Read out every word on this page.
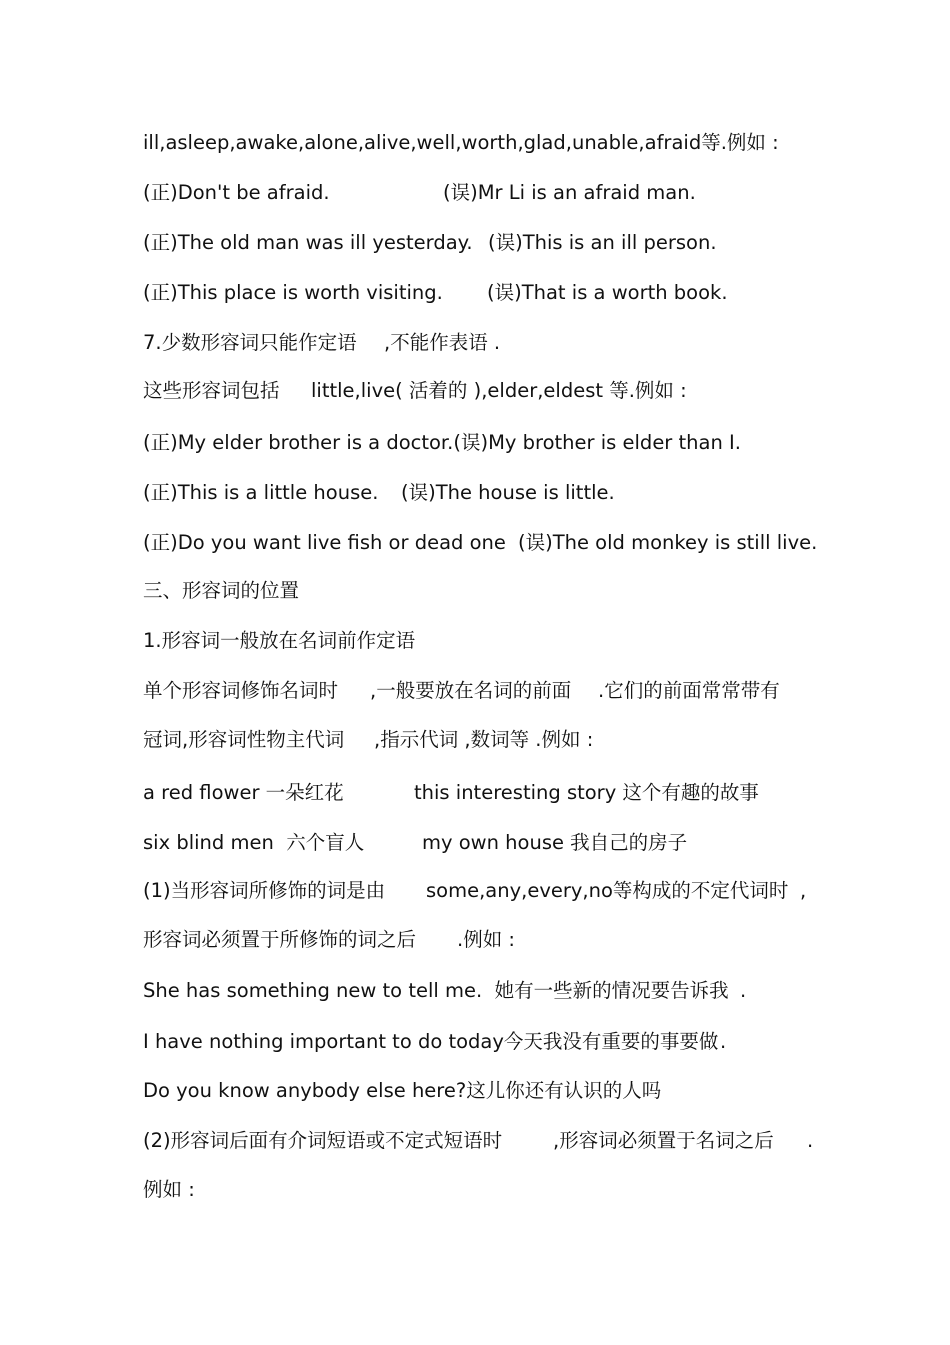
ill,asleep,awake,alone,alive,well,worth,glad,unable,afraid等.例如 :
(正)Don't be afraid.	(误)Mr Li is an afraid man.
(正)The old man was ill yesterday. (误)This is an ill person.
(正)This place is worth visiting. (误)That is a worth book.
7.少数形容词只能作定语 ,不能作表语 .
这些形容词包括 little,live( 活着的 ),elder,eldest 等.例如 :
(正)My elder brother is a doctor.(误)My brother is elder than I.
(正)This is a little house. (误)The house is little.
(正)Do you want live fish or dead one (误)The old monkey is still live.
三、形容词的位置
1.形容词一般放在名词前作定语
单个形容词修饰名词时 ,一般要放在名词的前面 .它们的前面常常带有
冠词,形容词性物主代词 ,指示代词 ,数词等 .例如 :
a red flower 一朵红花	this interesting story 这个有趣的故事
six blind men  六个盲人	my own house 我自己的房子
(1)当形容词所修饰的词是由 some,any,every,no等构成的不定代词时 ,
形容词必须置于所修饰的词之后 .例如 :
She has something new to tell me.  她有一些新的情况要告诉我 .
I have nothing important to do today今天我没有重要的事要做 .
Do you know anybody else here?这儿你还有认识的人吗
(2)形容词后面有介词短语或不定式短语时	,形容词必须置于名词之后 .
例如 :
